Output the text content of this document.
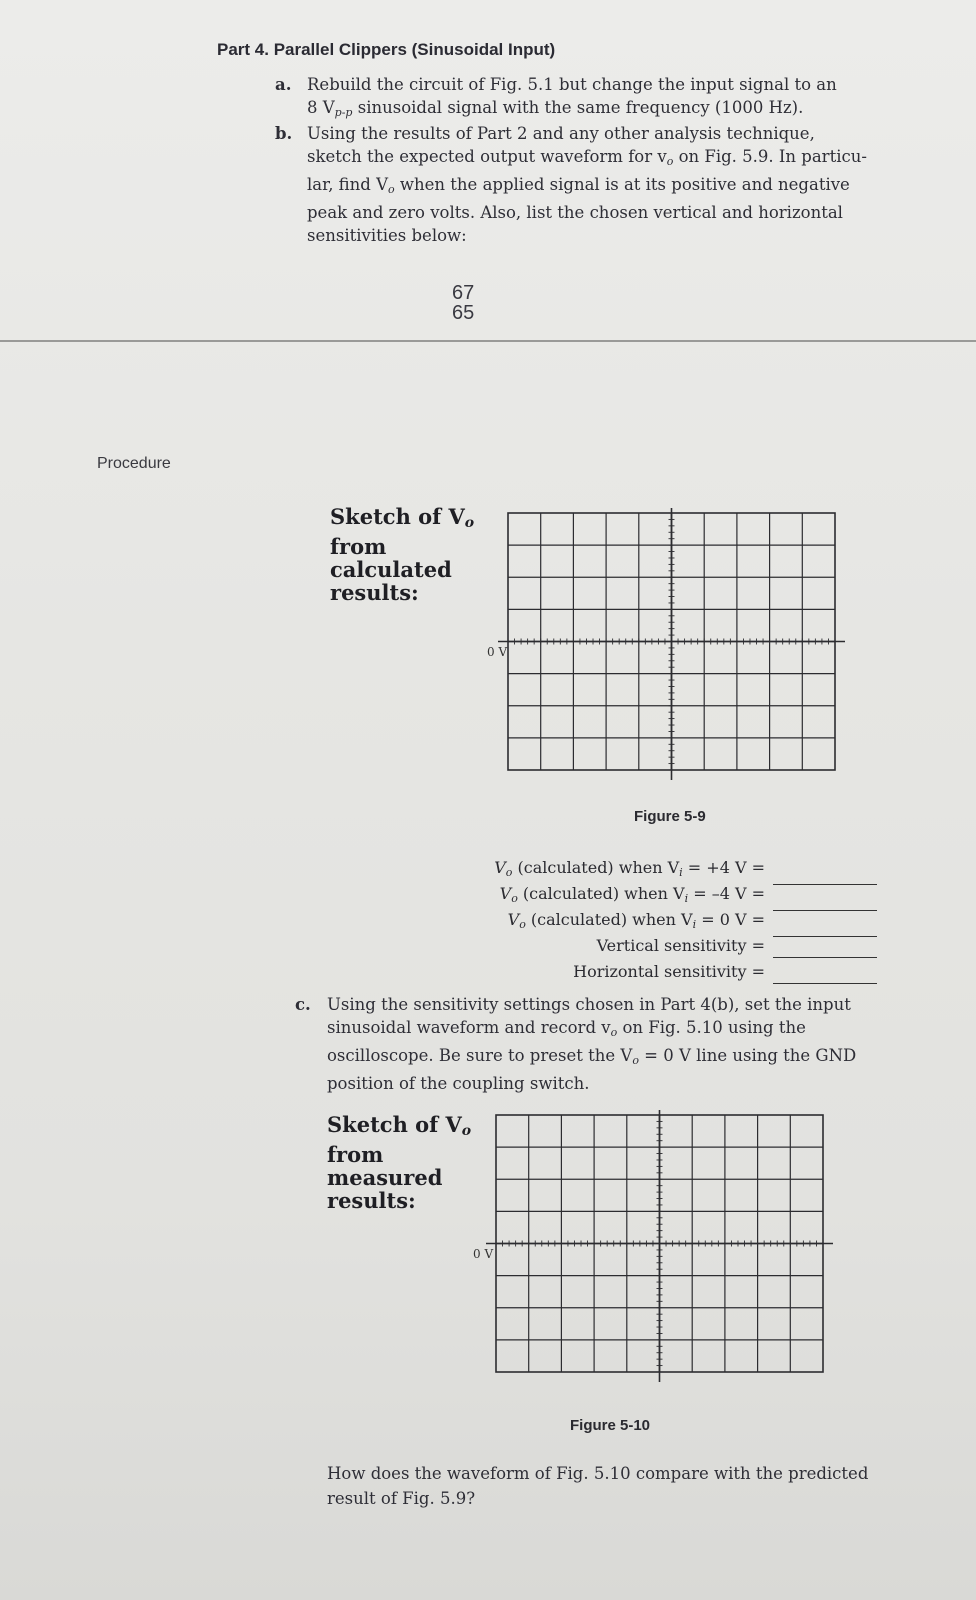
Part 4. Parallel Clippers (Sinusoidal Input)
a. Rebuild the circuit of Fig. 5.1 but change the input signal to an

8 $V_{p-p}$ sinusoidal signal with the same frequency (1000 Hz).

b. Using the results of Part 2 and any other analysis technique,

sketch the expected output waveform for $v_o$ on Fig. 5.9. In particu-

lar, find $V_o$ when the applied signal is at its positive and negative

peak and zero volts. Also, list the chosen vertical and horizontal

sensitivities below:

67
65
Procedure
Sketch of $V_o$
from
calculated
results:
0 V
Figure 5-9
$V_o$ (calculated) when $V_i = +4$ V =
$V_o$ (calculated) when $V_i = -4$ V =
$V_o$ (calculated) when $V_i = 0$ V =
Vertical sensitivity =
Horizontal sensitivity =
c. Using the sensitivity settings chosen in Part 4(b), set the input

sinusoidal waveform and record $v_o$ on Fig. 5.10 using the

oscilloscope. Be sure to preset the $V_o = 0$ V line using the GND

position of the coupling switch.

Sketch of $V_o$
from
measured
results:
0 V
Figure 5-10
How does the waveform of Fig. 5.10 compare with the predicted result of Fig. 5.9?
